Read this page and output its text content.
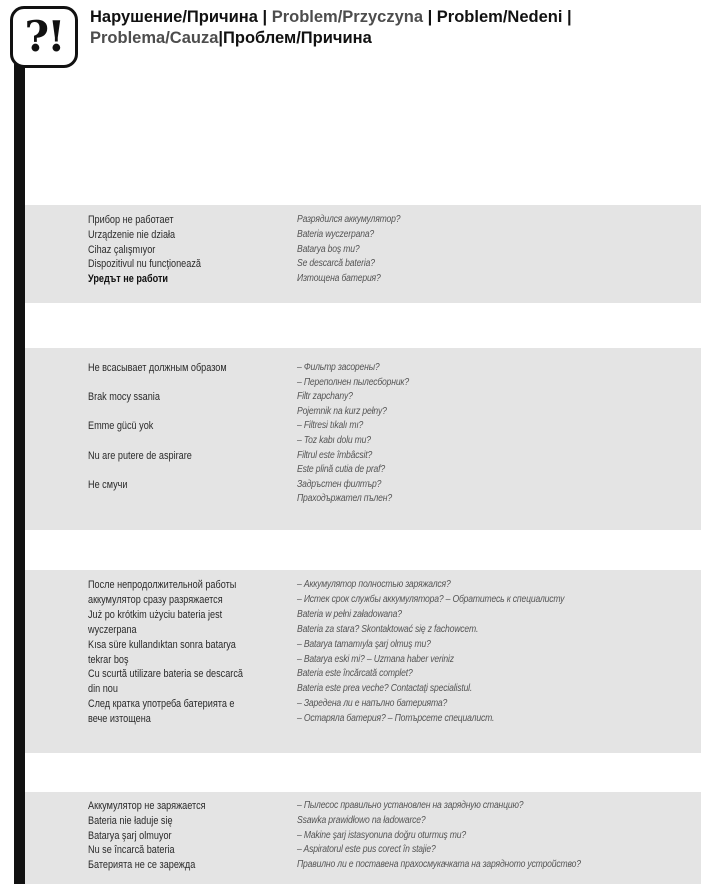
?! Нарушение/Причина | Problem/Przyczyna | Problem/Nedeni | Problema/Cauza|Проблем/Причина
Прибор не работает
Urządzenie nie działa
Cihaz çalışmıyor
Dispozitivul nu funcţionează
Уредът не работи
Разрядился аккумулятор?
Bateria wyczerpana?
Batarya boş mu?
Se descarcă bateria?
Изтощена батерия?
Не всасывает должным образом
Brak mocy ssania
Emme gücü yok
Nu are putere de aspirare
Не смучи
– Фильтр засорены?
– Переполнен пылесборник?
Filtr zapchany?
Pojemnik na kurz pełny?
– Filtresi tıkalı mı?
– Toz kabı dolu mu?
Filtrul este îmbâcsit?
Este plină cutia de praf?
Задръстен филтър?
Праходържател пълен?
После непродолжительной работы
аккумулятор сразу разряжается
Już po krótkim użyciu bateria jest
wyczerpana
Kısa süre kullandıktan sonra batarya
tekrar boş
Cu scurtă utilizare bateria se descarcă
din nou
След кратка употреба батерията е
вече изтощена
– Аккумулятор полностью заряжался?
– Истек срок службы аккумулятора? – Обратитесь к специалисту
Bateria w pełni załadowana?
Bateria za stara? Skontaktować się z fachowcem.
– Batarya tamamıyla şarj olmuş mu?
– Batarya eski mi? – Uzmana haber veriniz
Bateria este încărcată complet?
Bateria este prea veche? Contactaţi specialistul.
– Заредена ли е напълно батерията?
– Остаряла батерия? – Потърсете специалист.
Аккумулятор не заряжается
Bateria nie ładuje się
Batarya şarj olmuyor
Nu se încarcă bateria
Батерията не се зарежда
– Пылесос правильно установлен на зарядную станцию?
Ssawka prawidłowo na ładowarce?
– Makine şarj istasyonuna doğru oturmuş mu?
– Aspiratorul este pus corect în stajie?
Правилно ли е поставена прахосмукачката на зарядното устройство?
